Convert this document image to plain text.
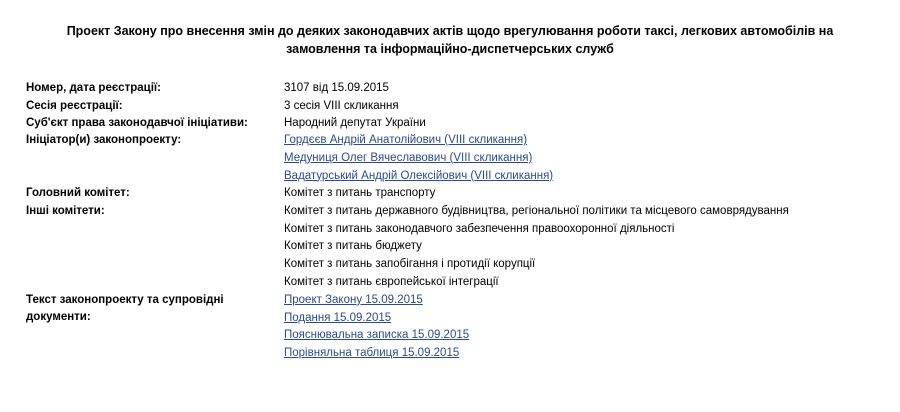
Проект Закону про внесення змін до деяких законодавчих актів щодо врегулювання роботи таксі, легкових автомобілів на замовлення та інформаційно-диспетчерських служб
Номер, дата реєстрації:	3107 від 15.09.2015
Сесія реєстрації:	3 сесія VIII скликання
Суб'єкт права законодавчої ініціативи:	Народний депутат України
Ініціатор(и) законопроекту:	Гордєєв Андрій Анатолійович (VIII скликання)
Медуниця Олег Вячеславович (VIII скликання)
Вадатурський Андрій Олексійович (VIII скликання)

Головний комітет:	Комітет з питань транспорту
Інші комітети:	Комітет з питань державного будівництва, регіональної політики та місцевого самоврядування
Комітет з питань законодавчого забезпечення правоохоронної діяльності
Комітет з питань бюджету
Комітет з питань запобігання і протидії корупції
Комітет з питань європейської інтеграції

Текст законопроекту та супровідні документи:	Проект Закону 15.09.2015
Подання 15.09.2015
Пояснювальна записка 15.09.2015
Порівняльна таблиця 15.09.2015
